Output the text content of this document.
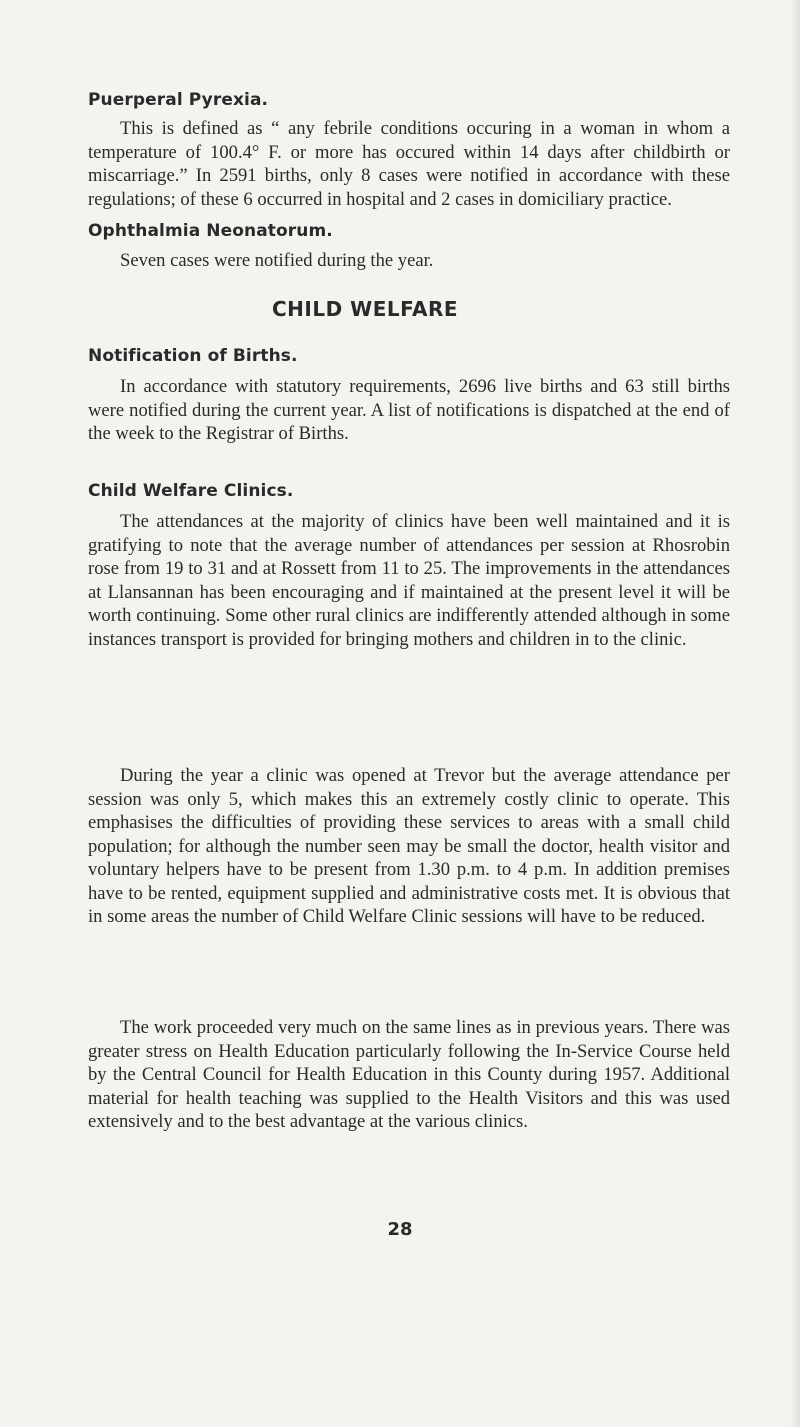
Puerperal Pyrexia.

This is defined as “ any febrile conditions occuring in a woman in whom a temperature of 100.4° F. or more has occured within 14 days after childbirth or miscarriage.” In 2591 births, only 8 cases were notified in accordance with these regulations; of these 6 occurred in hospital and 2 cases in domiciliary practice.

Ophthalmia Neonatorum.

Seven cases were notified during the year.

CHILD WELFARE
Notification of Births.

In accordance with statutory requirements, 2696 live births and 63 still births were notified during the current year. A list of notifications is dispatched at the end of the week to the Registrar of Births.

Child Welfare Clinics.

The attendances at the majority of clinics have been well maintained and it is gratifying to note that the average number of attendances per session at Rhosrobin rose from 19 to 31 and at Rossett from 11 to 25. The improvements in the attendances at Llansannan has been encouraging and if maintained at the present level it will be worth continuing. Some other rural clinics are indifferently attended although in some instances transport is provided for bringing mothers and children in to the clinic.

During the year a clinic was opened at Trevor but the average attendance per session was only 5, which makes this an extremely costly clinic to operate. This emphasises the difficulties of providing these services to areas with a small child population; for although the number seen may be small the doctor, health visitor and voluntary helpers have to be present from 1.30 p.m. to 4 p.m. In addition premises have to be rented, equipment supplied and administrative costs met. It is obvious that in some areas the number of Child Welfare Clinic sessions will have to be reduced.

The work proceeded very much on the same lines as in previous years. There was greater stress on Health Education particularly following the In-Service Course held by the Central Council for Health Education in this County during 1957. Additional material for health teaching was supplied to the Health Visitors and this was used extensively and to the best advantage at the various clinics.

28
